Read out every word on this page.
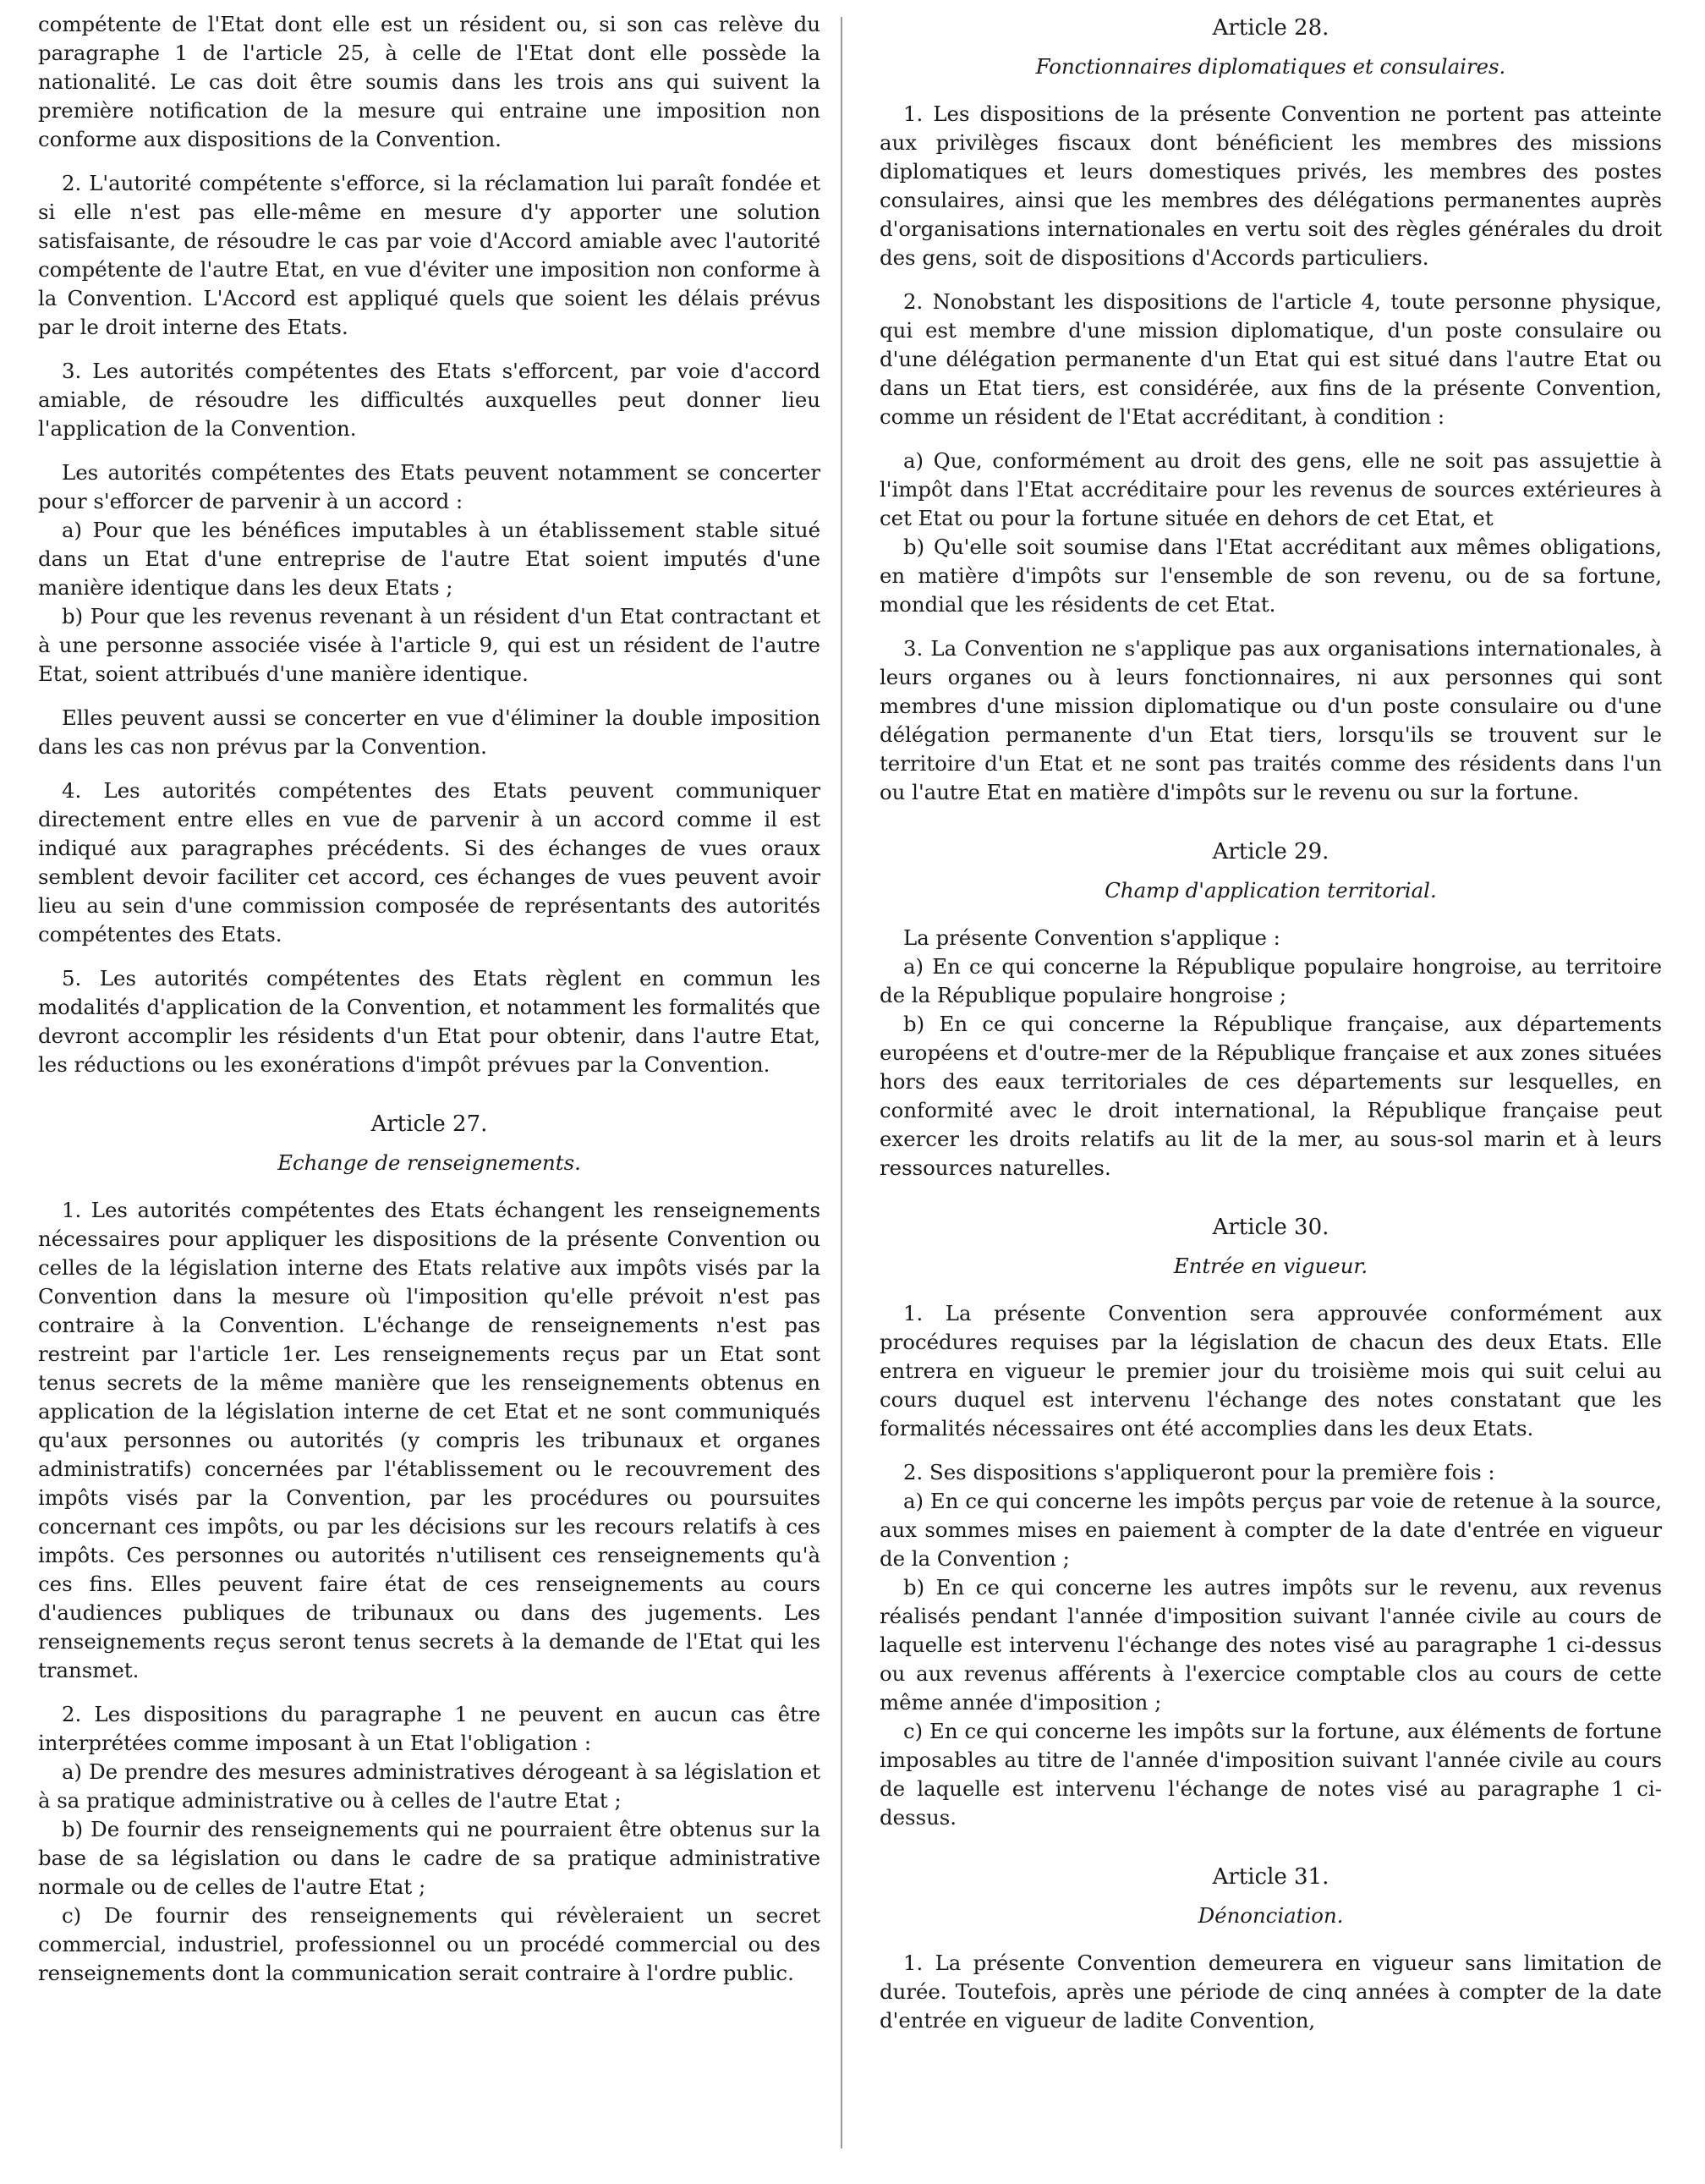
compétente de l'Etat dont elle est un résident ou, si son cas relève du paragraphe 1 de l'article 25, à celle de l'Etat dont elle possède la nationalité. Le cas doit être soumis dans les trois ans qui suivent la première notification de la mesure qui entraine une imposition non conforme aux dispositions de la Convention.

2. L'autorité compétente s'efforce, si la réclamation lui paraît fondée et si elle n'est pas elle-même en mesure d'y apporter une solution satisfaisante, de résoudre le cas par voie d'Accord amiable avec l'autorité compétente de l'autre Etat, en vue d'éviter une imposition non conforme à la Convention. L'Accord est appliqué quels que soient les délais prévus par le droit interne des Etats.

3. Les autorités compétentes des Etats s'efforcent, par voie d'accord amiable, de résoudre les difficultés auxquelles peut donner lieu l'application de la Convention.

Les autorités compétentes des Etats peuvent notamment se concerter pour s'efforcer de parvenir à un accord :

a) Pour que les bénéfices imputables à un établissement stable situé dans un Etat d'une entreprise de l'autre Etat soient imputés d'une manière identique dans les deux Etats ;

b) Pour que les revenus revenant à un résident d'un Etat contractant et à une personne associée visée à l'article 9, qui est un résident de l'autre Etat, soient attribués d'une manière identique.

Elles peuvent aussi se concerter en vue d'éliminer la double imposition dans les cas non prévus par la Convention.

4. Les autorités compétentes des Etats peuvent communiquer directement entre elles en vue de parvenir à un accord comme il est indiqué aux paragraphes précédents. Si des échanges de vues oraux semblent devoir faciliter cet accord, ces échanges de vues peuvent avoir lieu au sein d'une commission composée de représentants des autorités compétentes des Etats.

5. Les autorités compétentes des Etats règlent en commun les modalités d'application de la Convention, et notamment les formalités que devront accomplir les résidents d'un Etat pour obtenir, dans l'autre Etat, les réductions ou les exonérations d'impôt prévues par la Convention.

Article 27.
Echange de renseignements.

1. Les autorités compétentes des Etats échangent les renseignements nécessaires pour appliquer les dispositions de la présente Convention ou celles de la législation interne des Etats relative aux impôts visés par la Convention dans la mesure où l'imposition qu'elle prévoit n'est pas contraire à la Convention. L'échange de renseignements n'est pas restreint par l'article 1er. Les renseignements reçus par un Etat sont tenus secrets de la même manière que les renseignements obtenus en application de la législation interne de cet Etat et ne sont communiqués qu'aux personnes ou autorités (y compris les tribunaux et organes administratifs) concernées par l'établissement ou le recouvrement des impôts visés par la Convention, par les procédures ou poursuites concernant ces impôts, ou par les décisions sur les recours relatifs à ces impôts. Ces personnes ou autorités n'utilisent ces renseignements qu'à ces fins. Elles peuvent faire état de ces renseignements au cours d'audiences publiques de tribunaux ou dans des jugements. Les renseignements reçus seront tenus secrets à la demande de l'Etat qui les transmet.

2. Les dispositions du paragraphe 1 ne peuvent en aucun cas être interprétées comme imposant à un Etat l'obligation :

a) De prendre des mesures administratives dérogeant à sa législation et à sa pratique administrative ou à celles de l'autre Etat ;

b) De fournir des renseignements qui ne pourraient être obtenus sur la base de sa législation ou dans le cadre de sa pratique administrative normale ou de celles de l'autre Etat ;

c) De fournir des renseignements qui révèleraient un secret commercial, industriel, professionnel ou un procédé commercial ou des renseignements dont la communication serait contraire à l'ordre public.

Article 28.
Fonctionnaires diplomatiques et consulaires.

1. Les dispositions de la présente Convention ne portent pas atteinte aux privilèges fiscaux dont bénéficient les membres des missions diplomatiques et leurs domestiques privés, les membres des postes consulaires, ainsi que les membres des délégations permanentes auprès d'organisations internationales en vertu soit des règles générales du droit des gens, soit de dispositions d'Accords particuliers.

2. Nonobstant les dispositions de l'article 4, toute personne physique, qui est membre d'une mission diplomatique, d'un poste consulaire ou d'une délégation permanente d'un Etat qui est situé dans l'autre Etat ou dans un Etat tiers, est considérée, aux fins de la présente Convention, comme un résident de l'Etat accréditant, à condition :

a) Que, conformément au droit des gens, elle ne soit pas assujettie à l'impôt dans l'Etat accréditaire pour les revenus de sources extérieures à cet Etat ou pour la fortune située en dehors de cet Etat, et

b) Qu'elle soit soumise dans l'Etat accréditant aux mêmes obligations, en matière d'impôts sur l'ensemble de son revenu, ou de sa fortune, mondial que les résidents de cet Etat.

3. La Convention ne s'applique pas aux organisations internationales, à leurs organes ou à leurs fonctionnaires, ni aux personnes qui sont membres d'une mission diplomatique ou d'un poste consulaire ou d'une délégation permanente d'un Etat tiers, lorsqu'ils se trouvent sur le territoire d'un Etat et ne sont pas traités comme des résidents dans l'un ou l'autre Etat en matière d'impôts sur le revenu ou sur la fortune.

Article 29.
Champ d'application territorial.

La présente Convention s'applique :

a) En ce qui concerne la République populaire hongroise, au territoire de la République populaire hongroise ;

b) En ce qui concerne la République française, aux départements européens et d'outre-mer de la République française et aux zones situées hors des eaux territoriales de ces départements sur lesquelles, en conformité avec le droit international, la République française peut exercer les droits relatifs au lit de la mer, au sous-sol marin et à leurs ressources naturelles.

Article 30.
Entrée en vigueur.

1. La présente Convention sera approuvée conformément aux procédures requises par la législation de chacun des deux Etats. Elle entrera en vigueur le premier jour du troisième mois qui suit celui au cours duquel est intervenu l'échange des notes constatant que les formalités nécessaires ont été accomplies dans les deux Etats.

2. Ses dispositions s'appliqueront pour la première fois :

a) En ce qui concerne les impôts perçus par voie de retenue à la source, aux sommes mises en paiement à compter de la date d'entrée en vigueur de la Convention ;

b) En ce qui concerne les autres impôts sur le revenu, aux revenus réalisés pendant l'année d'imposition suivant l'année civile au cours de laquelle est intervenu l'échange des notes visé au paragraphe 1 ci-dessus ou aux revenus afférents à l'exercice comptable clos au cours de cette même année d'imposition ;

c) En ce qui concerne les impôts sur la fortune, aux éléments de fortune imposables au titre de l'année d'imposition suivant l'année civile au cours de laquelle est intervenu l'échange de notes visé au paragraphe 1 ci-dessus.

Article 31.
Dénonciation.

1. La présente Convention demeurera en vigueur sans limitation de durée. Toutefois, après une période de cinq années à compter de la date d'entrée en vigueur de ladite Convention,
